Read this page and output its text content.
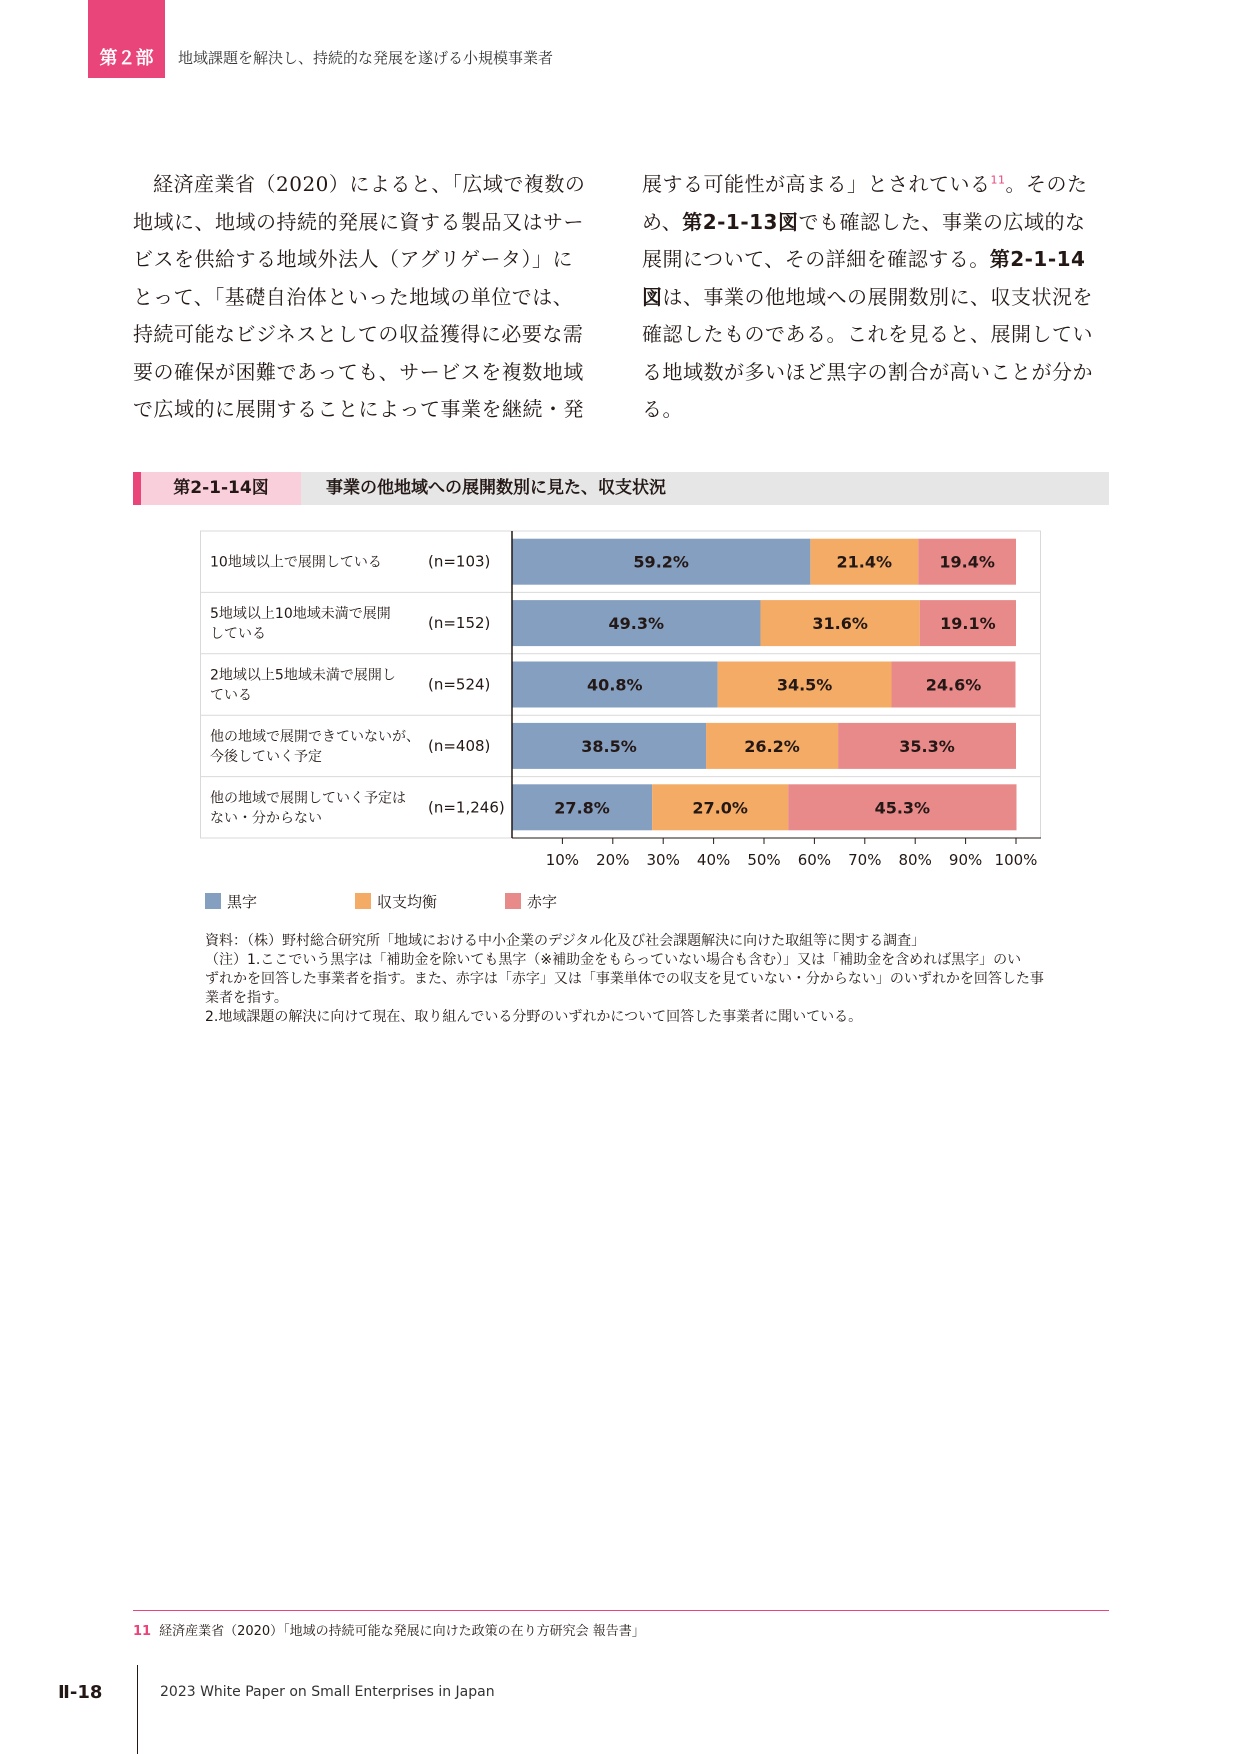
第２部	地域課題を解決し、持続的な発展を遂げる小規模事業者

経済産業省（2020）によると、「広域で複数の

地域に、地域の持続的発展に資する製品又はサー

ビスを供給する地域外法人（アグリゲータ）」に

とって、「基礎自治体といった地域の単位では、

持続可能なビジネスとしての収益獲得に必要な需

要の確保が困難であっても、サービスを複数地域

で広域的に展開することによって事業を継続・発

展する可能性が高まる」とされている$^{11}$。そのた

め、第2-1-13図でも確認した、事業の広域的な

展開について、その詳細を確認する。第2-1-14

図は、事業の他地域への展開数別に、収支状況を

確認したものである。これを見ると、展開してい

る地域数が多いほど黒字の割合が高いことが分か

る。

第2-1-14図	事業の他地域への展開数別に見た、収支状況
10地域以上で展開している	(n=103)	59.2%	21.4%	19.4%
5地域以上10地域未満で展開
している
(n=152)	49.3%	31.6%	19.1%
2地域以上5地域未満で展開し
ている
(n=524)	40.8%	34.5%	24.6%
他の地域で展開できていないが、
今後していく予定
(n=408)	38.5%	26.2%	35.3%
他の地域で展開していく予定は
ない・分からない
(n=1,246)	27.8%	27.0%	45.3%
10% 20% 30% 40% 50% 60% 70% 80% 90% 100%
黒字	収支均衡	赤字
資料：（株）野村総合研究所「地域における中小企業のデジタル化及び社会課題解決に向けた取組等に関する調査」
（注）1.ここでいう黒字は「補助金を除いても黒字（※補助金をもらっていない場合も含む）」又は「補助金を含めれば黒字」のい
ずれかを回答した事業者を指す。また、赤字は「赤字」又は「事業単体での収支を見ていない・分からない」のいずれかを回答した事
業者を指す。
2.地域課題の解決に向けて現在、取り組んでいる分野のいずれかについて回答した事業者に聞いている。
11 経済産業省（2020）「地域の持続可能な発展に向けた政策の在り方研究会 報告書」
Ⅱ-18	2023 White Paper on Small Enterprises in Japan
